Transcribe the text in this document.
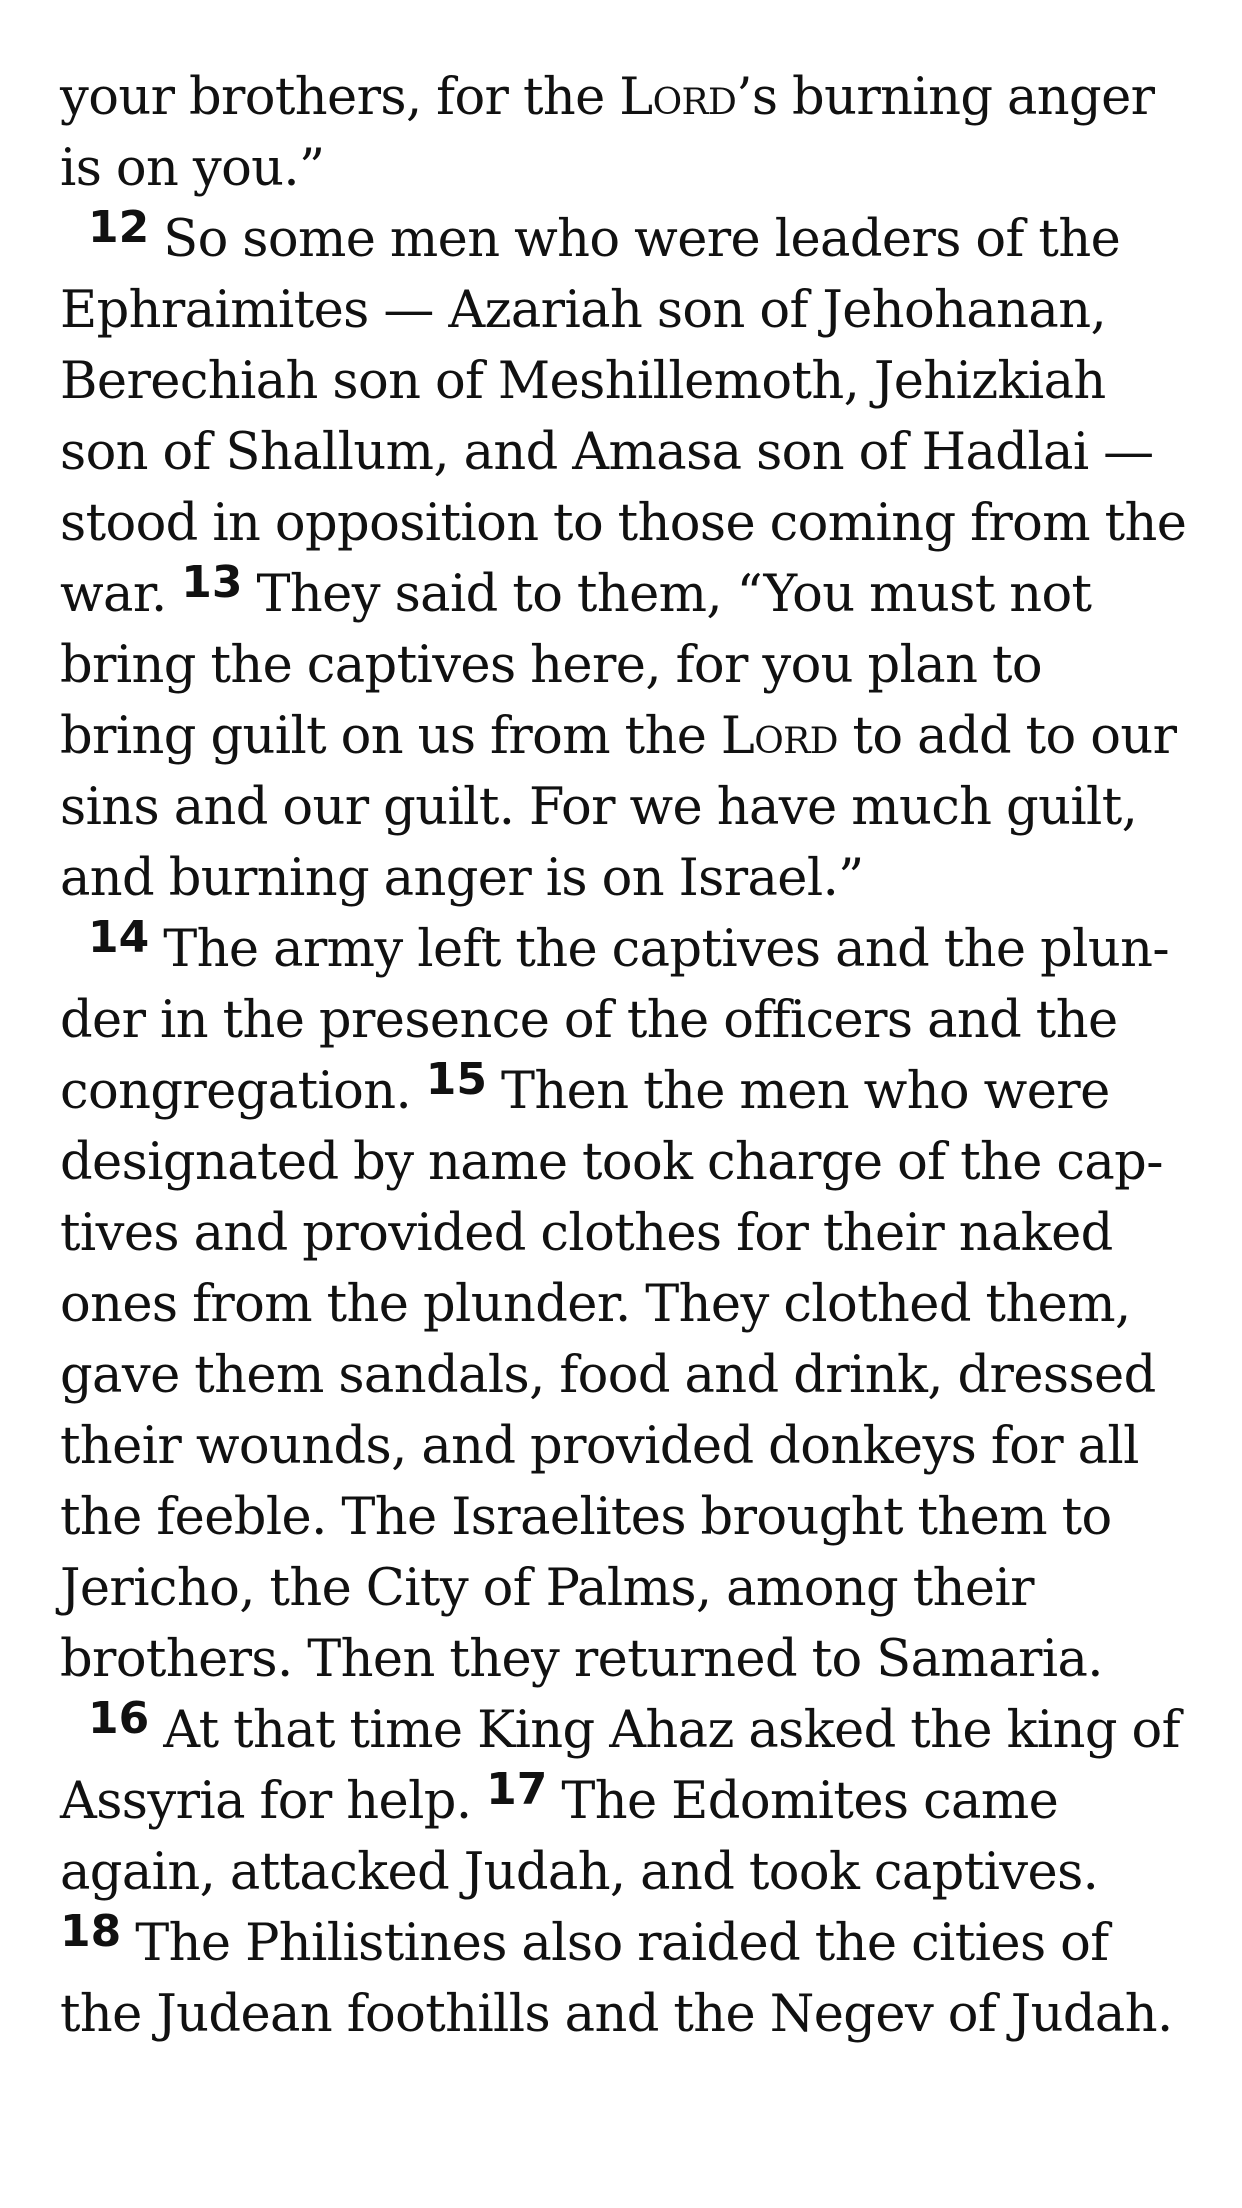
your brothers, for the Lord’s burning anger is on you.”

12 So some men who were leaders of the Ephraimites — Azariah son of Jehohanan, Berechiah son of Meshillemoth, Jehizkiah son of Shallum, and Amasa son of Hadlai — stood in opposition to those coming from the war. 13 They said to them, “You must not bring the captives here, for you plan to bring guilt on us from the Lord to add to our sins and our guilt. For we have much guilt, and burning anger is on Israel.”

14 The army left the captives and the plunder in the presence of the officers and the congregation. 15 Then the men who were designated by name took charge of the captives and provided clothes for their naked ones from the plunder. They clothed them, gave them sandals, food and drink, dressed their wounds, and provided donkeys for all the feeble. The Israelites brought them to Jericho, the City of Palms, among their brothers. Then they returned to Samaria.

16 At that time King Ahaz asked the king of Assyria for help. 17 The Edomites came again, attacked Judah, and took captives. 18 The Philistines also raided the cities of the Judean foothills and the Negev of Judah.
